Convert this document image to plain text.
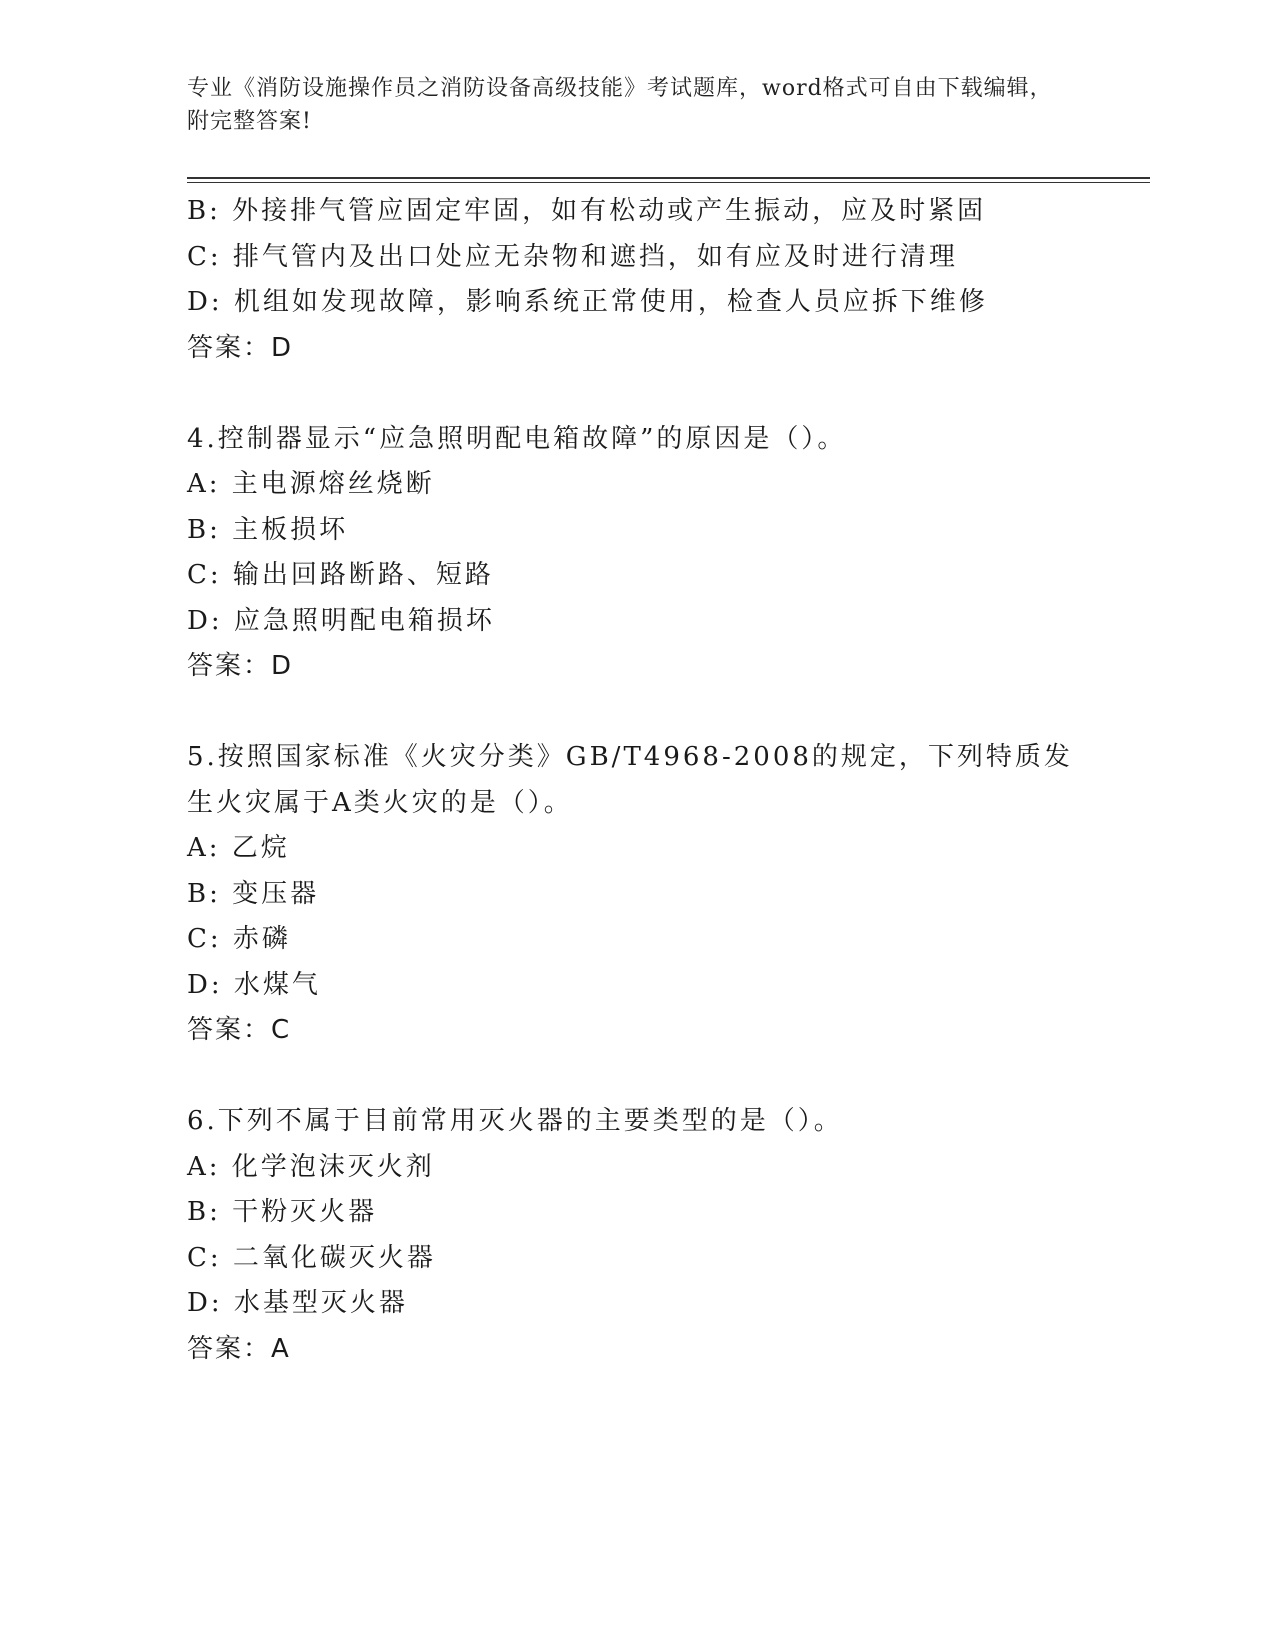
专业《消防设施操作员之消防设备高级技能》考试题库，word格式可自由下载编辑，附完整答案!
B: 外接排气管应固定牢固，如有松动或产生振动，应及时紧固
C: 排气管内及出口处应无杂物和遮挡，如有应及时进行清理
D: 机组如发现故障，影响系统正常使用，检查人员应拆下维修
答案：D
4.控制器显示“应急照明配电箱故障”的原因是（）。
A: 主电源熔丝烧断
B: 主板损坏
C: 输出回路断路、短路
D: 应急照明配电箱损坏
答案：D
5.按照国家标准《火灾分类》GB/T4968-2008的规定，下列特质发生火灾属于A类火灾的是（）。
A: 乙烷
B: 变压器
C: 赤磷
D: 水煤气
答案：C
6.下列不属于目前常用灭火器的主要类型的是（）。
A: 化学泡沫灭火剂
B: 干粉灭火器
C: 二氧化碳灭火器
D: 水基型灭火器
答案：A
